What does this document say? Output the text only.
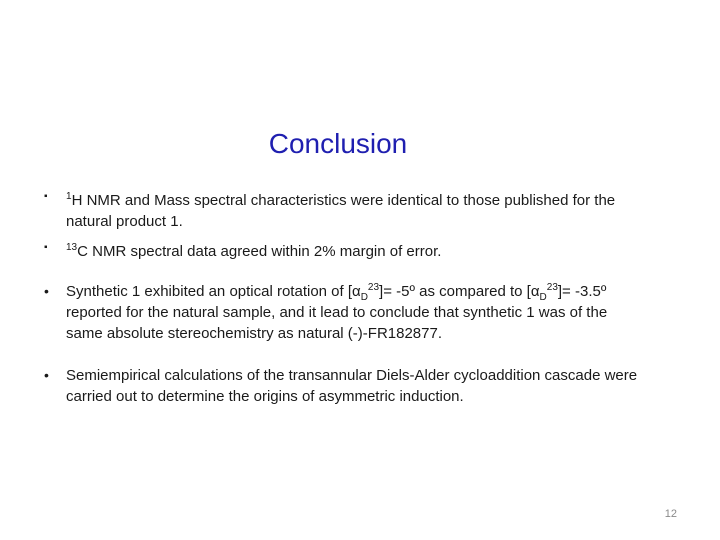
Conclusion
▪	$^1$H NMR and Mass spectral characteristics were identical to those published for the natural product 1.
▪	$^{13}$C NMR spectral data agreed within 2% margin of error.
•	Synthetic 1 exhibited an optical rotation of $[\alpha_D^{23}]=$ -5º as compared to $[\alpha_D^{23}]=$ -3.5º reported for the natural sample, and it lead to conclude that synthetic 1 was of the same absolute stereochemistry as natural (-)-FR182877.
•	Semiempirical calculations of the transannular Diels-Alder cycloaddition cascade were carried out to determine the origins of asymmetric induction.
12
